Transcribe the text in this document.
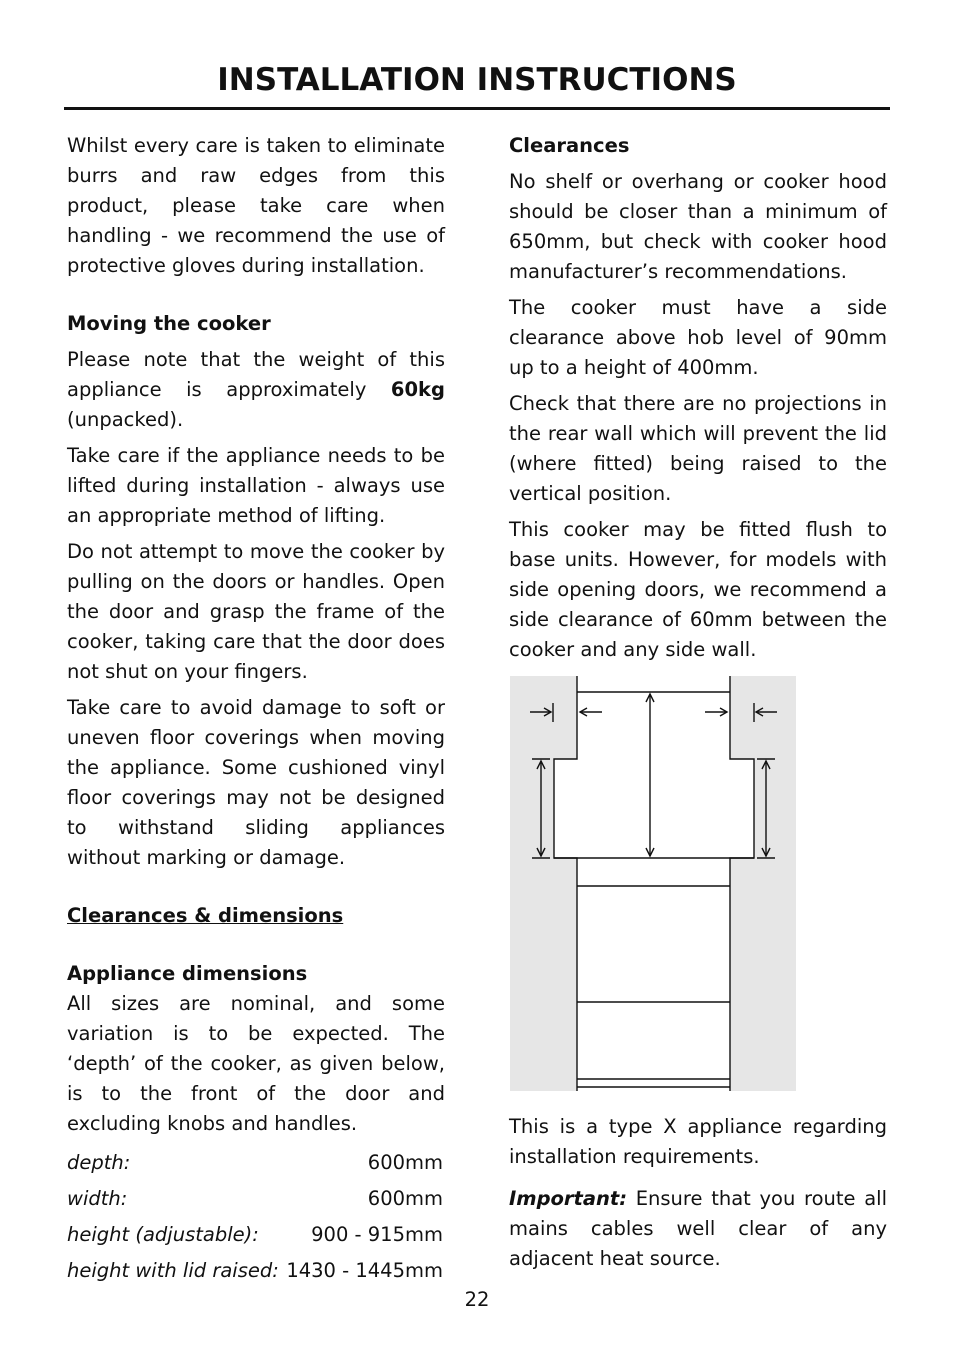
INSTALLATION INSTRUCTIONS

Whilst every care is taken to eliminate burrs and raw edges from this product, please take care when handling - we recommend the use of protective gloves during installation.

Moving the cooker

Please note that the weight of this appliance is approximately 60kg (unpacked).

Take care if the appliance needs to be lifted during installation - always use an appropriate method of lifting.

Do not attempt to move the cooker by pulling on the doors or handles. Open the door and grasp the frame of the cooker, taking care that the door does not shut on your fingers.

Take care to avoid damage to soft or uneven floor coverings when moving the appliance. Some cushioned vinyl floor coverings may not be designed to withstand sliding appliances without marking or damage.

Clearances & dimensions
Appliance dimensions

All sizes are nominal, and some variation is to be expected. The ‘depth’ of the cooker, as given below, is to the front of the door and excluding knobs and handles.

depth:	600mm
width:	600mm
height (adjustable):	900 - 915mm
height with lid raised: 1430 - 1445mm
Clearances

No shelf or overhang or cooker hood should be closer than a minimum of 650mm, but check with cooker hood manufacturer’s recommendations.

The cooker must have a side clearance above hob level of 90mm up to a height of 400mm.

Check that there are no projections in the rear wall which will prevent the lid (where fitted) being raised to the vertical position.

This cooker may be fitted flush to base units. However, for models with side opening doors, we recommend a side clearance of 60mm between the cooker and any side wall.

This is a type X appliance regarding installation requirements.

Important: Ensure that you route all mains cables well clear of any adjacent heat source.

22
